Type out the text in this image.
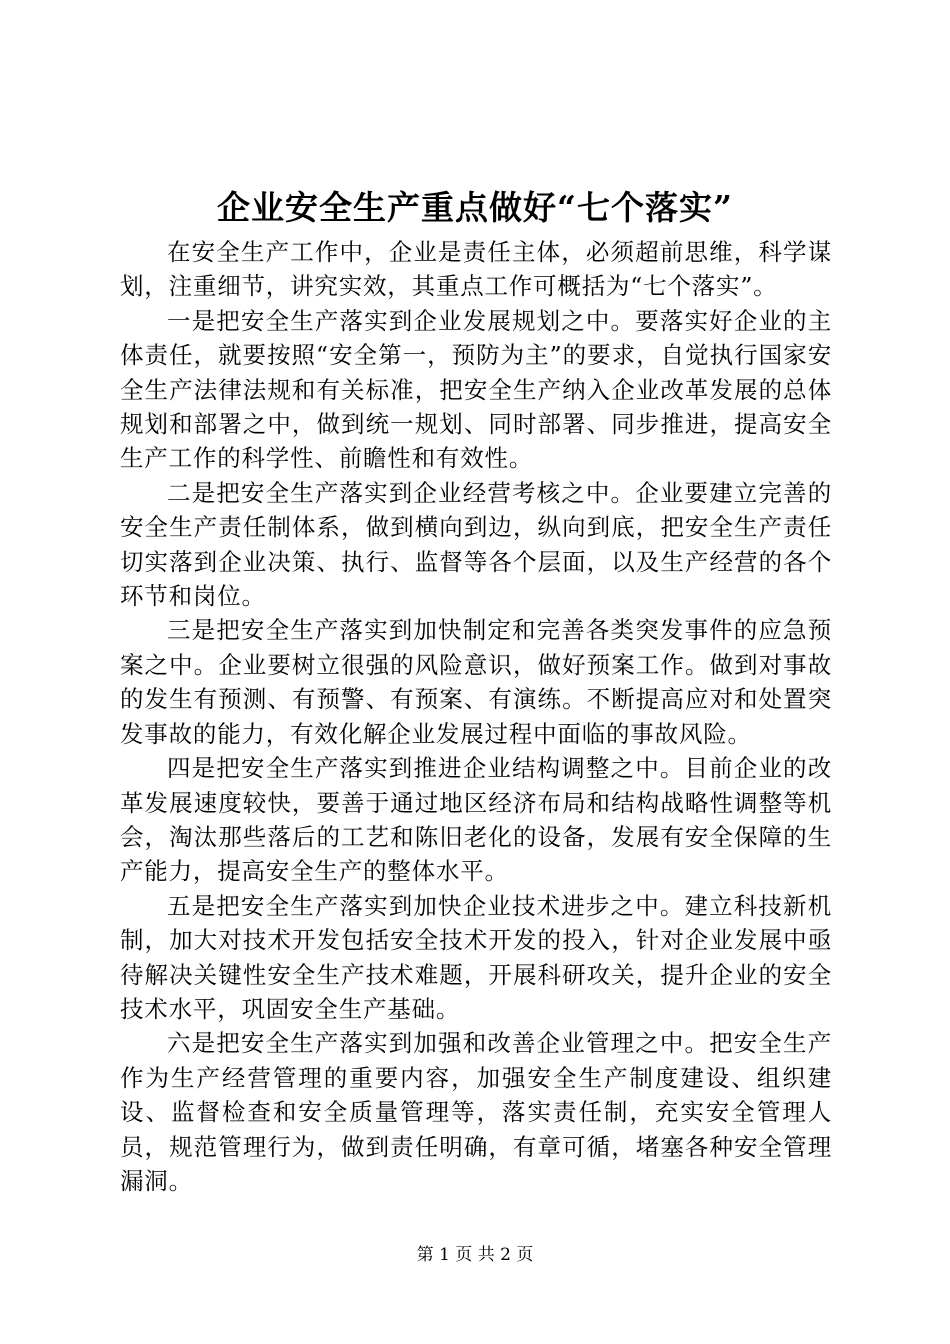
企业安全生产重点做好“七个落实”

在安全生产工作中，企业是责任主体，必须超前思维，科学谋划，注重细节，讲究实效，其重点工作可概括为“七个落实”。

一是把安全生产落实到企业发展规划之中。要落实好企业的主体责任，就要按照“安全第一，预防为主”的要求，自觉执行国家安全生产法律法规和有关标准，把安全生产纳入企业改革发展的总体规划和部署之中，做到统一规划、同时部署、同步推进，提高安全生产工作的科学性、前瞻性和有效性。

二是把安全生产落实到企业经营考核之中。企业要建立完善的安全生产责任制体系，做到横向到边，纵向到底，把安全生产责任切实落到企业决策、执行、监督等各个层面，以及生产经营的各个环节和岗位。

三是把安全生产落实到加快制定和完善各类突发事件的应急预案之中。企业要树立很强的风险意识，做好预案工作。做到对事故的发生有预测、有预警、有预案、有演练。不断提高应对和处置突发事故的能力，有效化解企业发展过程中面临的事故风险。

四是把安全生产落实到推进企业结构调整之中。目前企业的改革发展速度较快，要善于通过地区经济布局和结构战略性调整等机会，淘汰那些落后的工艺和陈旧老化的设备，发展有安全保障的生产能力，提高安全生产的整体水平。

五是把安全生产落实到加快企业技术进步之中。建立科技新机制，加大对技术开发包括安全技术开发的投入，针对企业发展中亟待解决关键性安全生产技术难题，开展科研攻关，提升企业的安全技术水平，巩固安全生产基础。

六是把安全生产落实到加强和改善企业管理之中。把安全生产作为生产经营管理的重要内容，加强安全生产制度建设、组织建设、监督检查和安全质量管理等，落实责任制，充实安全管理人员，规范管理行为，做到责任明确，有章可循，堵塞各种安全管理漏洞。

第 1 页 共 2 页
